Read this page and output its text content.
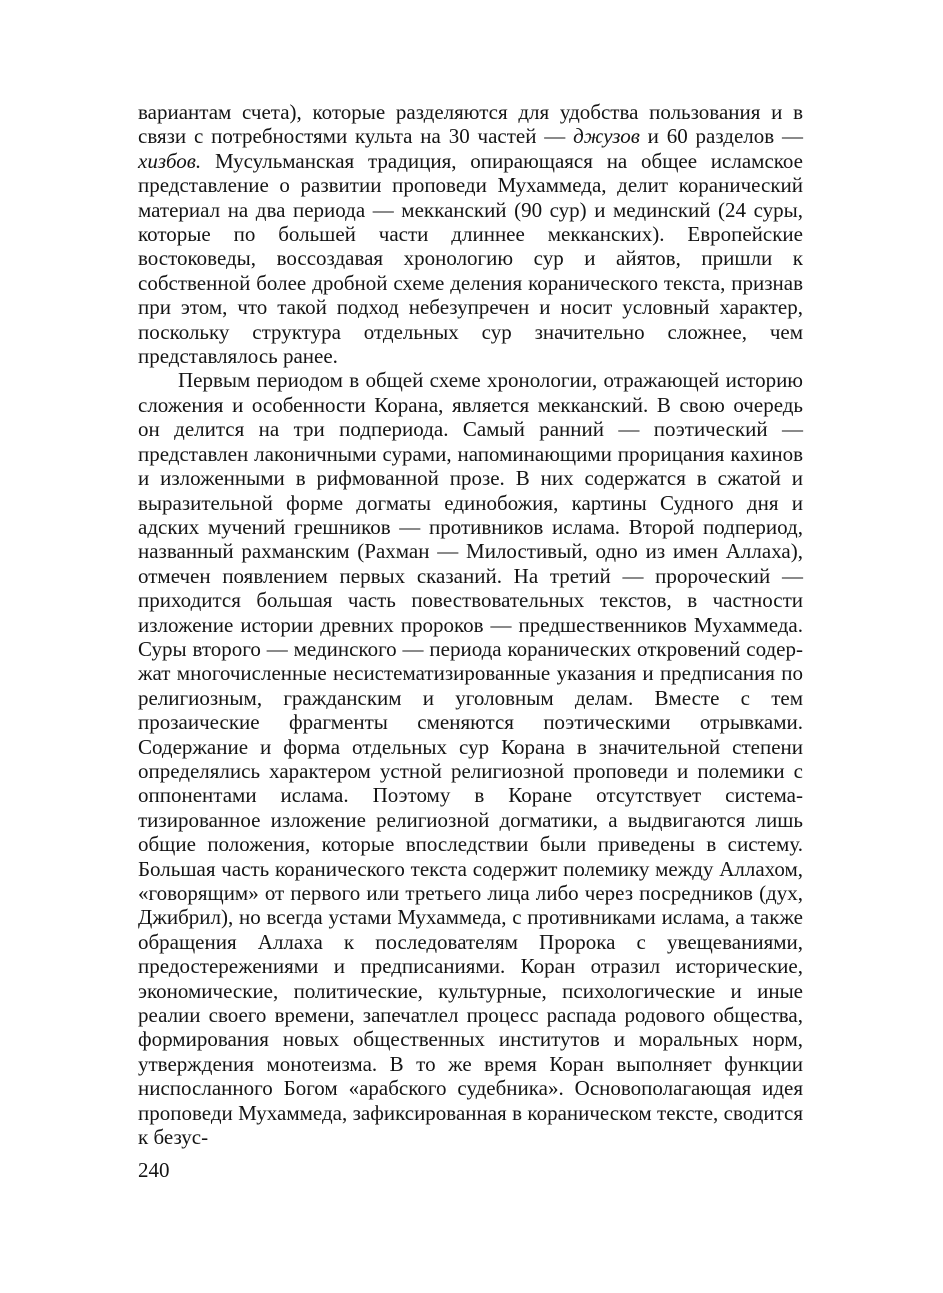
вариантам счета), которые разделяются для удобства пользования и в связи с потребностями культа на 30 частей — джузов и 60 разделов — хизбов. Мусульманская традиция, опирающаяся на общее исламское представление о развитии проповеди Мухаммеда, делит коранический материал на два периода — мекканский (90 сур) и мединский (24 суры, которые по большей части длиннее мекканских). Европейские востоковеды, воссоздавая хронологию сур и айятов, пришли к собственной более дробной схеме деления коранического текста, признав при этом, что такой подход небезупречен и носит условный характер, поскольку структура отдельных сур значительно сложнее, чем представлялось ранее.

Первым периодом в общей схеме хронологии, отражающей историю сложения и особенности Корана, является мекканский. В свою очередь он делится на три подпериода. Самый ранний — поэтический — представлен лаконичными сурами, напоминающими прорицания кахинов и изложенными в рифмованной прозе. В них содержатся в сжатой и выразительной форме догматы единобожия, картины Судного дня и адских мучений грешников — противников ислама. Второй подпериод, названный рахманским (Рахман — Милостивый, одно из имен Аллаха), отмечен появлением первых сказаний. На третий — пророческий — приходится большая часть повествовательных текстов, в частности изложение истории древних пророков — предшественников Мухаммеда. Суры второго — мединского — периода коранических откровений содержат многочисленные несистематизированные указания и предписания по религиозным, гражданским и уголовным делам. Вместе с тем прозаические фрагменты сменяются поэтическими отрывками. Содержание и форма отдельных сур Корана в значительной степени определялись характером устной религиозной проповеди и полемики с оппонентами ислама. Поэтому в Коране отсутствует систематизированное изложение религиозной догматики, а выдвигаются лишь общие положения, которые впоследствии были приведены в систему. Большая часть коранического текста содержит полемику между Аллахом, «говорящим» от первого или третьего лица либо через посредников (дух, Джибрил), но всегда устами Мухаммеда, с противниками ислама, а также обращения Аллаха к последователям Пророка с увещеваниями, предостережениями и предписаниями. Коран отразил исторические, экономические, политические, культурные, психологические и иные реалии своего времени, запечатлел процесс распада родового общества, формирования новых общественных институтов и моральных норм, утверждения монотеизма. В то же время Коран выполняет функции ниспосланного Богом «арабского судебника». Основополагающая идея проповеди Мухаммеда, зафиксированная в кораническом тексте, сводится к безус-

240
